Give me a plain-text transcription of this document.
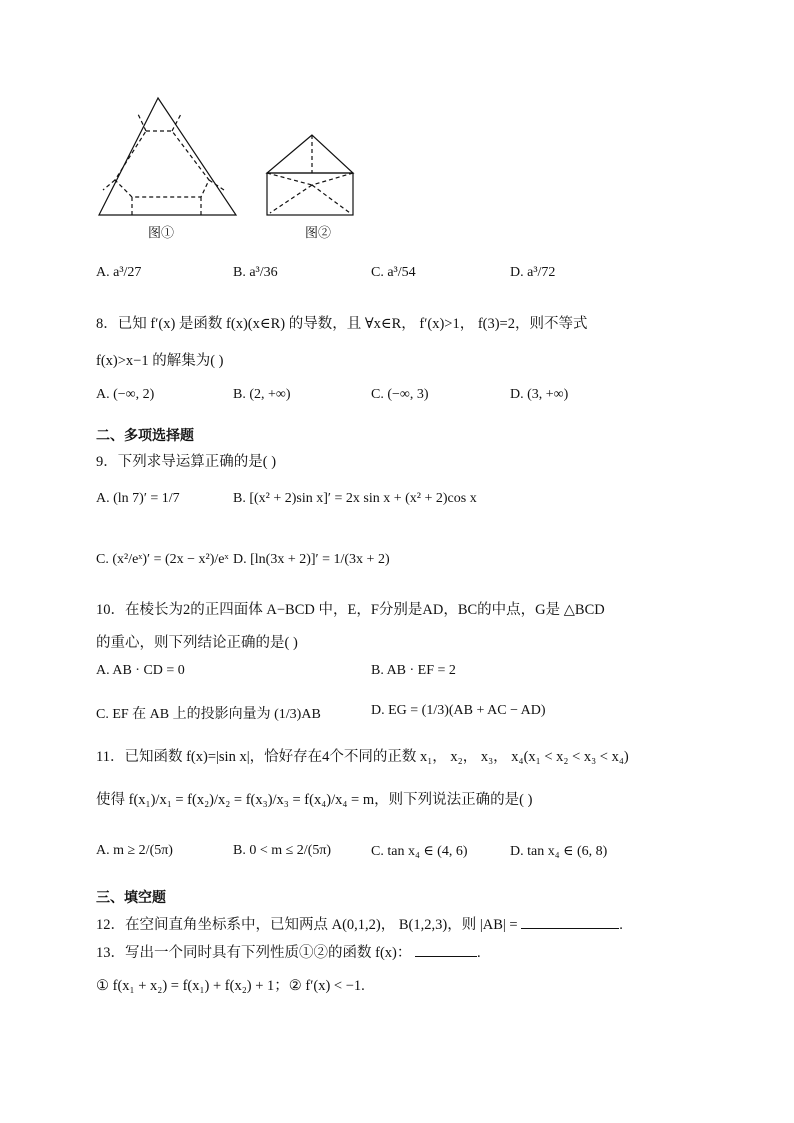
图①	图②
A. a³/27	B. a³/36	C. a³/54	D. a³/72
8．已知 f′(x) 是函数 f(x)(x∈R) 的导数，且 ∀x∈R， f′(x)>1， f(3)=2，则不等式
f(x)>x−1 的解集为( )
A. (−∞, 2)	B. (2, +∞)	C. (−∞, 3)	D. (3, +∞)
二、多项选择题
9．下列求导运算正确的是( )
A. (ln 7)′ = 1/7	B. [(x² + 2)sin x]′ = 2x sin x + (x² + 2)cos x
C. (x²/eˣ)′ = (2x − x²)/eˣ D. [ln(3x + 2)]′ = 1/(3x + 2)
10．在棱长为2的正四面体 A−BCD 中，E，F分别是AD，BC的中点，G是 △BCD
的重心，则下列结论正确的是( )
A. AB · CD = 0	B. AB · EF = 2
C. EF 在 AB 上的投影向量为 (1/3)AB	D. EG = (1/3)(AB + AC − AD)
11．已知函数 f(x)=|sin x|，恰好存在4个不同的正数 x₁， x₂， x₃， x₄(x₁ < x₂ < x₃ < x₄)
使得 f(x₁)/x₁ = f(x₂)/x₂ = f(x₃)/x₃ = f(x₄)/x₄ = m，则下列说法正确的是( )
A. m ≥ 2/(5π)	B. 0 < m ≤ 2/(5π)	C. tan x₄ ∈ (4, 6)	D. tan x₄ ∈ (6, 8)
三、填空题
12．在空间直角坐标系中，已知两点 A(0,1,2)， B(1,2,3)，则 |AB| =	.
13．写出一个同时具有下列性质①②的函数 f(x)：	.
① f(x₁ + x₂) = f(x₁) + f(x₂) + 1；② f′(x) < −1.
